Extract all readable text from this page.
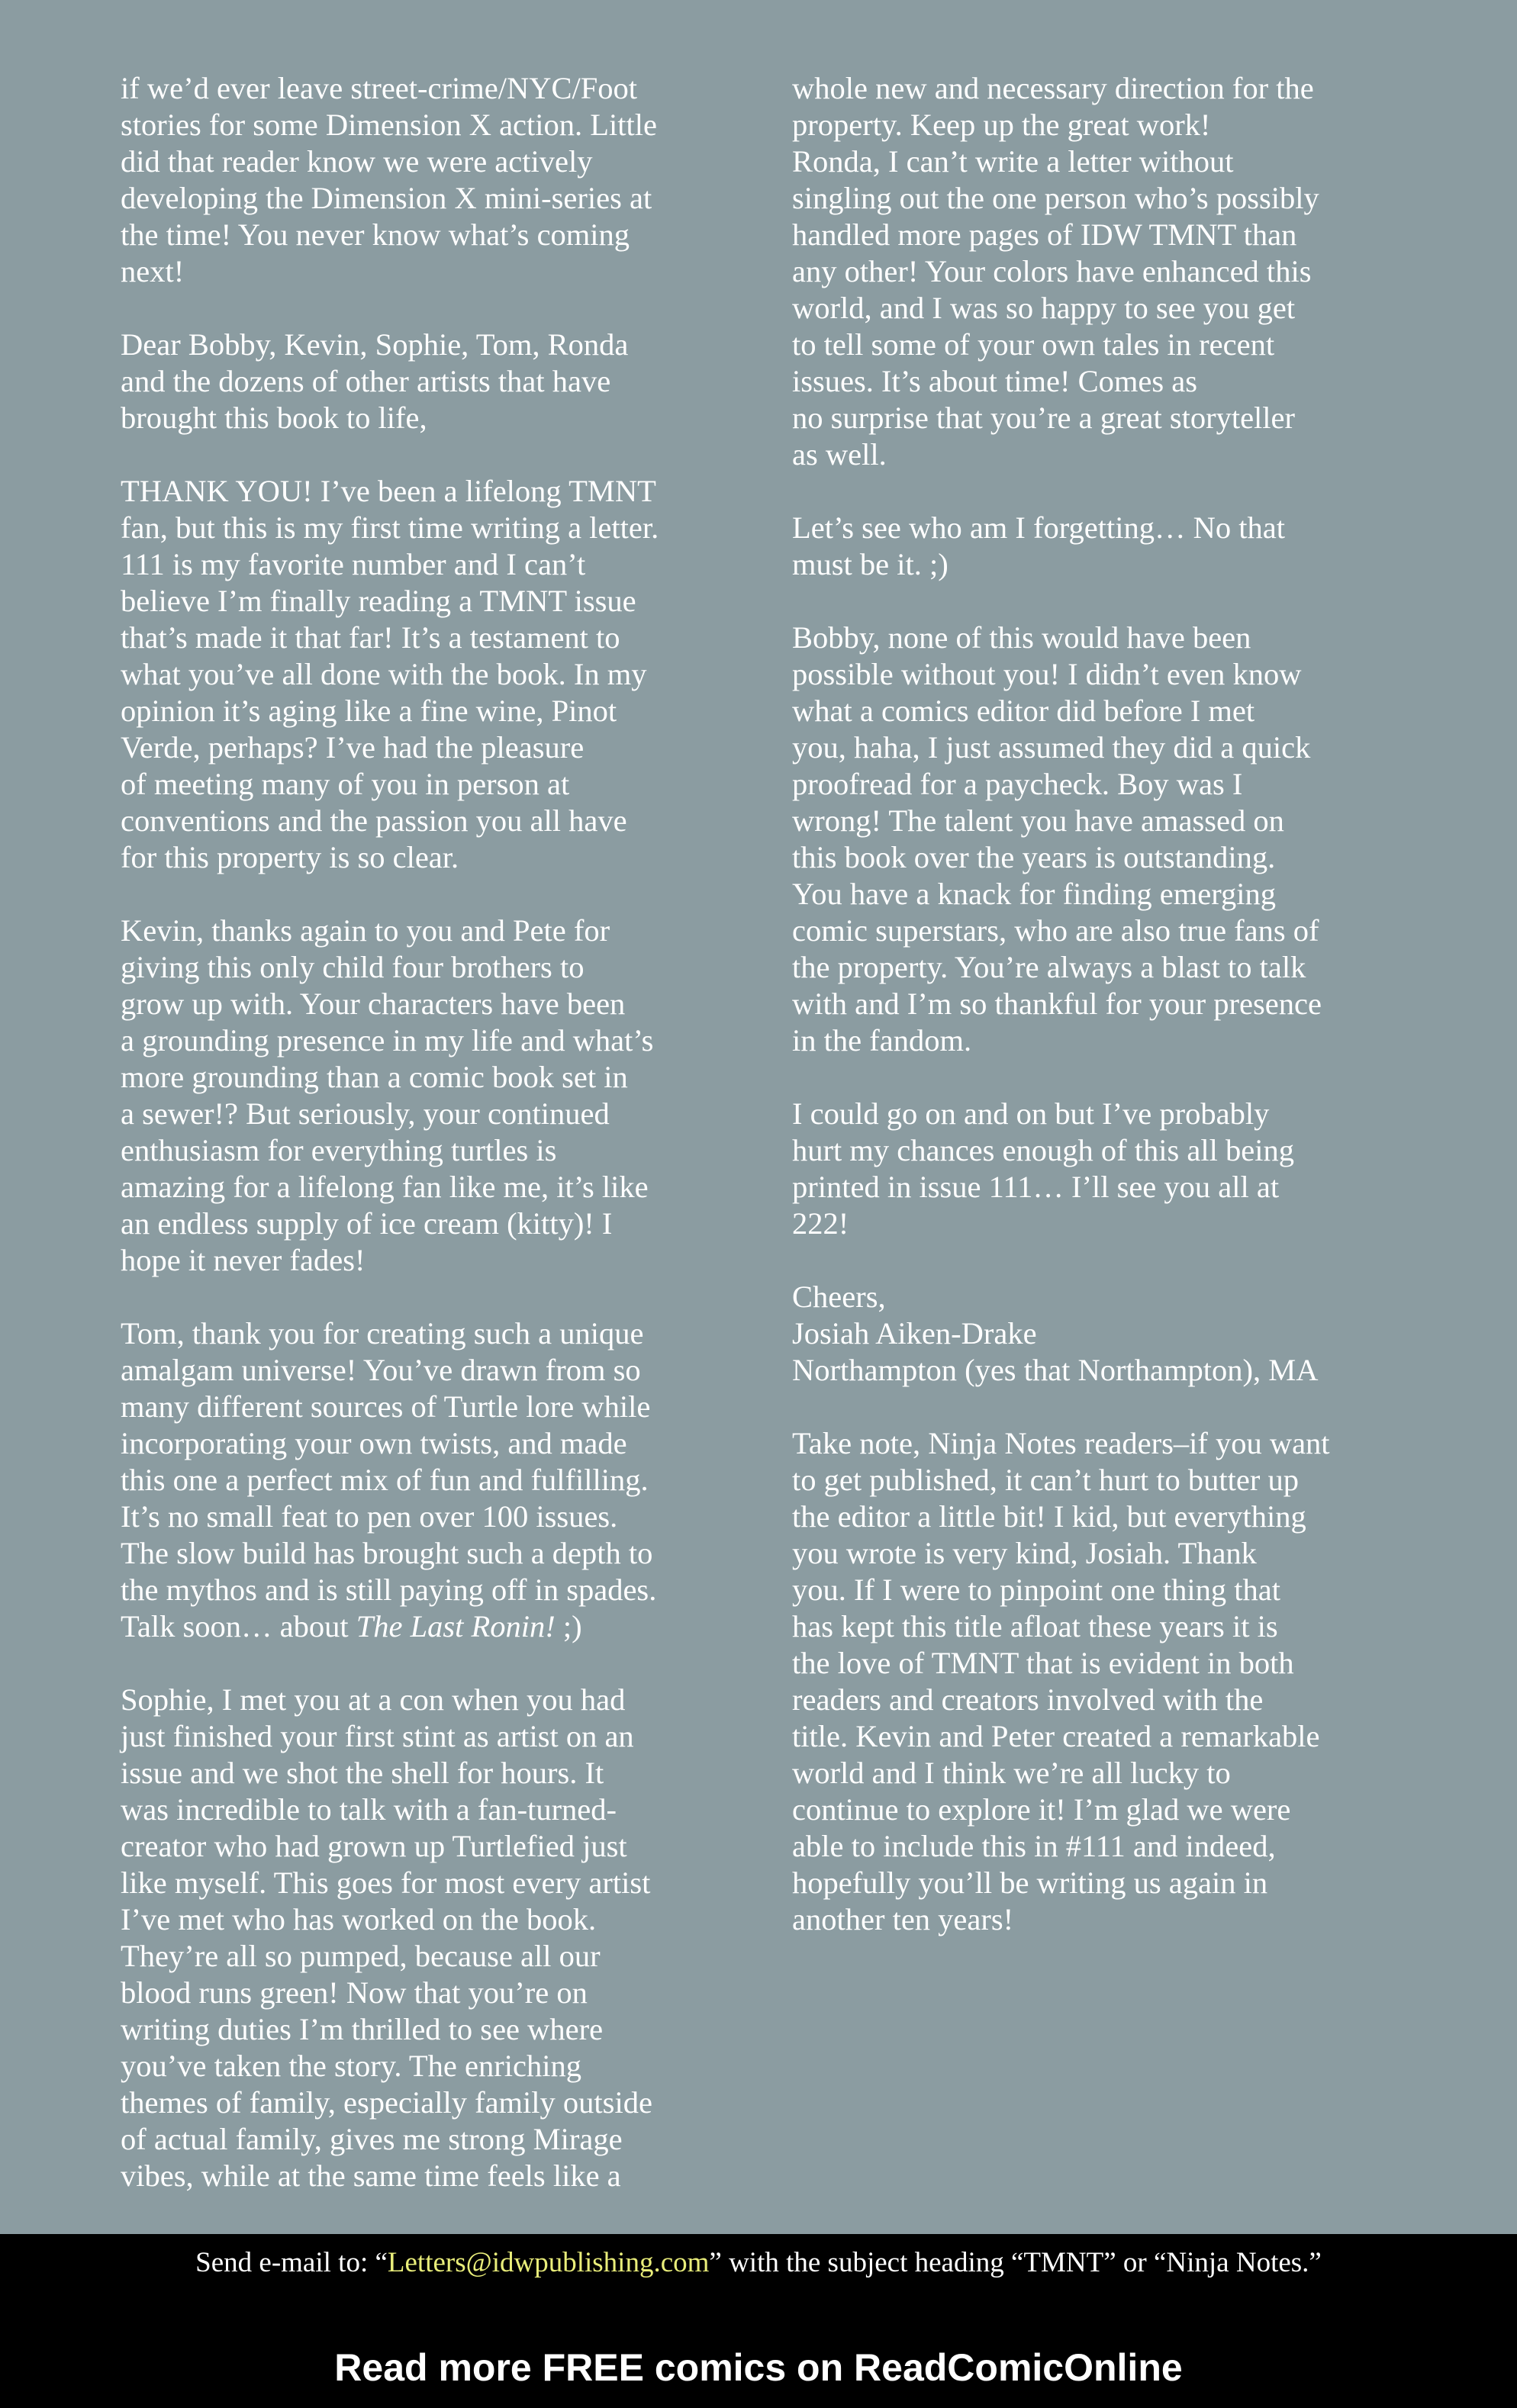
if we’d ever leave street-crime/NYC/Foot
stories for some Dimension X action. Little
did that reader know we were actively
developing the Dimension X mini-series at
the time! You never know what’s coming
next!

Dear Bobby, Kevin, Sophie, Tom, Ronda
and the dozens of other artists that have
brought this book to life,

THANK YOU! I’ve been a lifelong TMNT
fan, but this is my first time writing a letter.
111 is my favorite number and I can’t
believe I’m finally reading a TMNT issue
that’s made it that far! It’s a testament to
what you’ve all done with the book. In my
opinion it’s aging like a fine wine, Pinot
Verde, perhaps? I’ve had the pleasure
of meeting many of you in person at
conventions and the passion you all have
for this property is so clear.

Kevin, thanks again to you and Pete for
giving this only child four brothers to
grow up with. Your characters have been
a grounding presence in my life and what’s
more grounding than a comic book set in
a sewer!? But seriously, your continued
enthusiasm for everything turtles is
amazing for a lifelong fan like me, it’s like
an endless supply of ice cream (kitty)! I
hope it never fades!

Tom, thank you for creating such a unique
amalgam universe! You’ve drawn from so
many different sources of Turtle lore while
incorporating your own twists, and made
this one a perfect mix of fun and fulfilling.
It’s no small feat to pen over 100 issues.
The slow build has brought such a depth to
the mythos and is still paying off in spades.
Talk soon… about The Last Ronin! ;)

Sophie, I met you at a con when you had
just finished your first stint as artist on an
issue and we shot the shell for hours. It
was incredible to talk with a fan-turned-
creator who had grown up Turtlefied just
like myself. This goes for most every artist
I’ve met who has worked on the book.
They’re all so pumped, because all our
blood runs green! Now that you’re on
writing duties I’m thrilled to see where
you’ve taken the story. The enriching
themes of family, especially family outside
of actual family, gives me strong Mirage
vibes, while at the same time feels like a

whole new and necessary direction for the
property. Keep up the great work!
Ronda, I can’t write a letter without
singling out the one person who’s possibly
handled more pages of IDW TMNT than
any other! Your colors have enhanced this
world, and I was so happy to see you get
to tell some of your own tales in recent
issues. It’s about time! Comes as
no surprise that you’re a great storyteller
as well.

Let’s see who am I forgetting… No that
must be it. ;)

Bobby, none of this would have been
possible without you! I didn’t even know
what a comics editor did before I met
you, haha, I just assumed they did a quick
proofread for a paycheck. Boy was I
wrong! The talent you have amassed on
this book over the years is outstanding.
You have a knack for finding emerging
comic superstars, who are also true fans of
the property. You’re always a blast to talk
with and I’m so thankful for your presence
in the fandom.

I could go on and on but I’ve probably
hurt my chances enough of this all being
printed in issue 111… I’ll see you all at
222!

Cheers,

Josiah Aiken-Drake

Northampton (yes that Northampton), MA

Take note, Ninja Notes readers–if you want
to get published, it can’t hurt to butter up
the editor a little bit! I kid, but everything
you wrote is very kind, Josiah. Thank
you. If I were to pinpoint one thing that
has kept this title afloat these years it is
the love of TMNT that is evident in both
readers and creators involved with the
title. Kevin and Peter created a remarkable
world and I think we’re all lucky to
continue to explore it! I’m glad we were
able to include this in #111 and indeed,
hopefully you’ll be writing us again in
another ten years!

Send e-mail to: “Letters@idwpublishing.com” with the subject heading “TMNT” or “Ninja Notes.”
Read more FREE comics on ReadComicOnline
